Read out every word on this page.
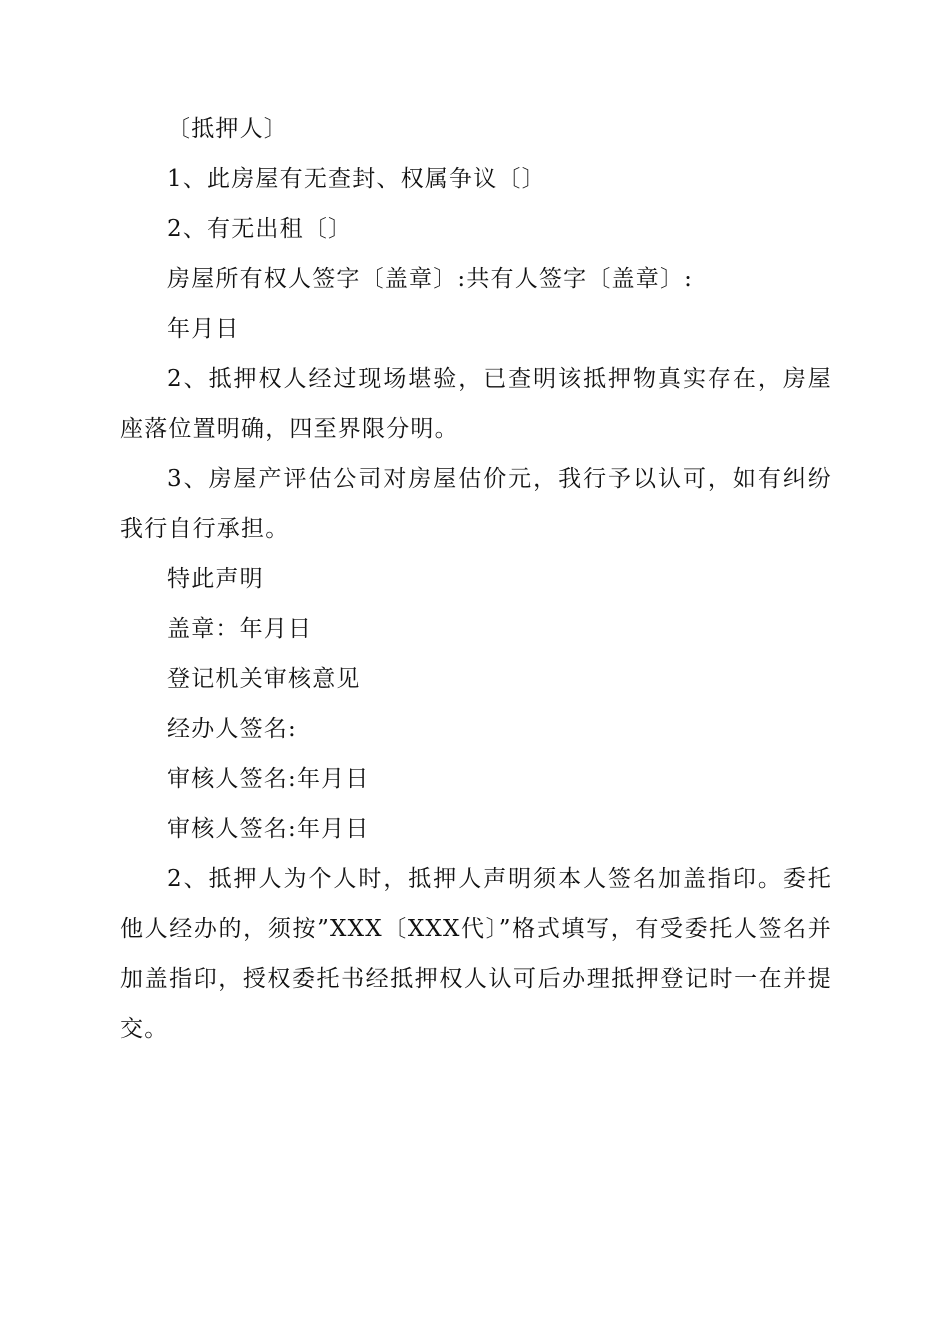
〔抵押人〕

1、此房屋有无查封、权属争议〔〕

2、有无出租〔〕

房屋所有权人签字〔盖章〕:共有人签字〔盖章〕:

年月日

2、抵押权人经过现场堪验，已查明该抵押物真实存在，房屋座落位置明确，四至界限分明。

3、房屋产评估公司对房屋估价元，我行予以认可，如有纠纷我行自行承担。

特此声明

盖章：年月日

登记机关审核意见

经办人签名:

审核人签名:年月日

审核人签名:年月日

2、抵押人为个人时，抵押人声明须本人签名加盖指印。委托他人经办的，须按”XXX〔XXX代〕”格式填写，有受委托人签名并加盖指印，授权委托书经抵押权人认可后办理抵押登记时一在并提交。
